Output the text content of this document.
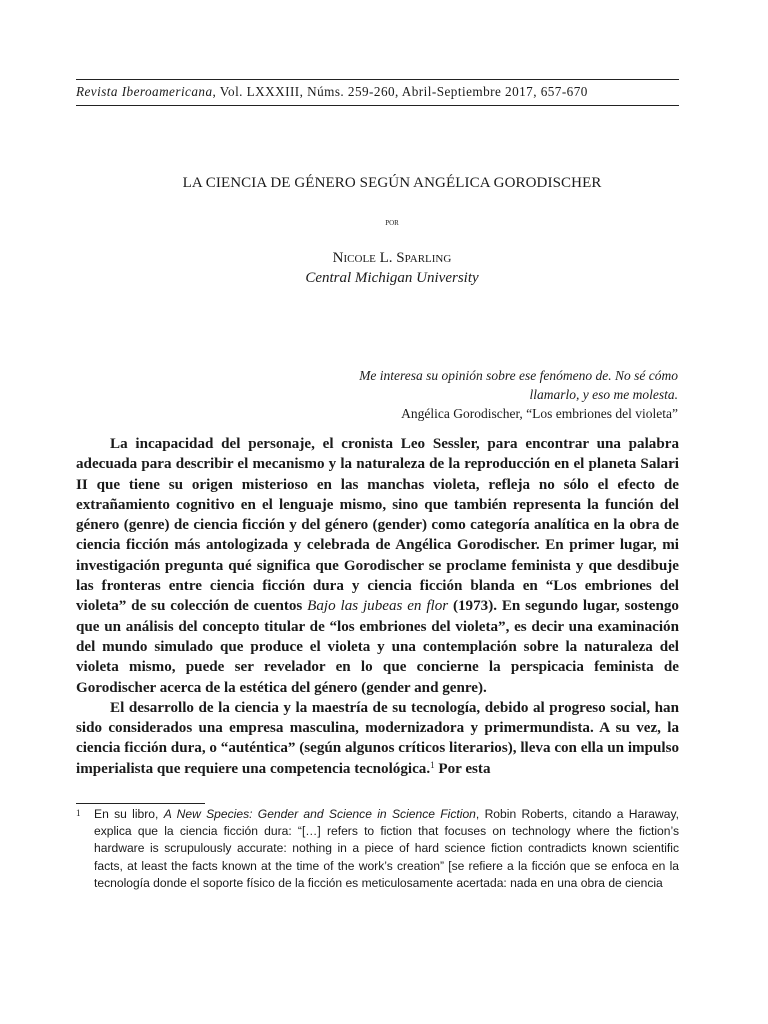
Revista Iberoamericana, Vol. LXXXIII, Núms. 259-260, Abril-Septiembre 2017, 657-670
LA CIENCIA DE GÉNERO SEGÚN ANGÉLICA GORODISCHER
por
Nicole L. Sparling
Central Michigan University
Me interesa su opinión sobre ese fenómeno de. No sé cómo
llamarlo, y eso me molesta.
Angélica Gorodischer, “Los embriones del violeta”

La incapacidad del personaje, el cronista Leo Sessler, para encontrar una palabra adecuada para describir el mecanismo y la naturaleza de la reproducción en el planeta Salari II que tiene su origen misterioso en las manchas violeta, refleja no sólo el efecto de extrañamiento cognitivo en el lenguaje mismo, sino que también representa la función del género (genre) de ciencia ficción y del género (gender) como categoría analítica en la obra de ciencia ficción más antologizada y celebrada de Angélica Gorodischer. En primer lugar, mi investigación pregunta qué significa que Gorodischer se proclame feminista y que desdibuje las fronteras entre ciencia ficción dura y ciencia ficción blanda en “Los embriones del violeta” de su colección de cuentos Bajo las jubeas en flor (1973). En segundo lugar, sostengo que un análisis del concepto titular de “los embriones del violeta”, es decir una examinación del mundo simulado que produce el violeta y una contemplación sobre la naturaleza del violeta mismo, puede ser revelador en lo que concierne la perspicacia feminista de Gorodischer acerca de la estética del género (gender and genre).

El desarrollo de la ciencia y la maestría de su tecnología, debido al progreso social, han sido considerados una empresa masculina, modernizadora y primermundista. A su vez, la ciencia ficción dura, o “auténtica” (según algunos críticos literarios), lleva con ella un impulso imperialista que requiere una competencia tecnológica.$^1$ Por esta

1 En su libro, A New Species: Gender and Science in Science Fiction, Robin Roberts, citando a Haraway, explica que la ciencia ficción dura: “[…] refers to fiction that focuses on technology where the fiction’s hardware is scrupulously accurate: nothing in a piece of hard science fiction contradicts known scientific facts, at least the facts known at the time of the work’s creation” [se refiere a la ficción que se enfoca en la tecnología donde el soporte físico de la ficción es meticulosamente acertada: nada en una obra de ciencia
